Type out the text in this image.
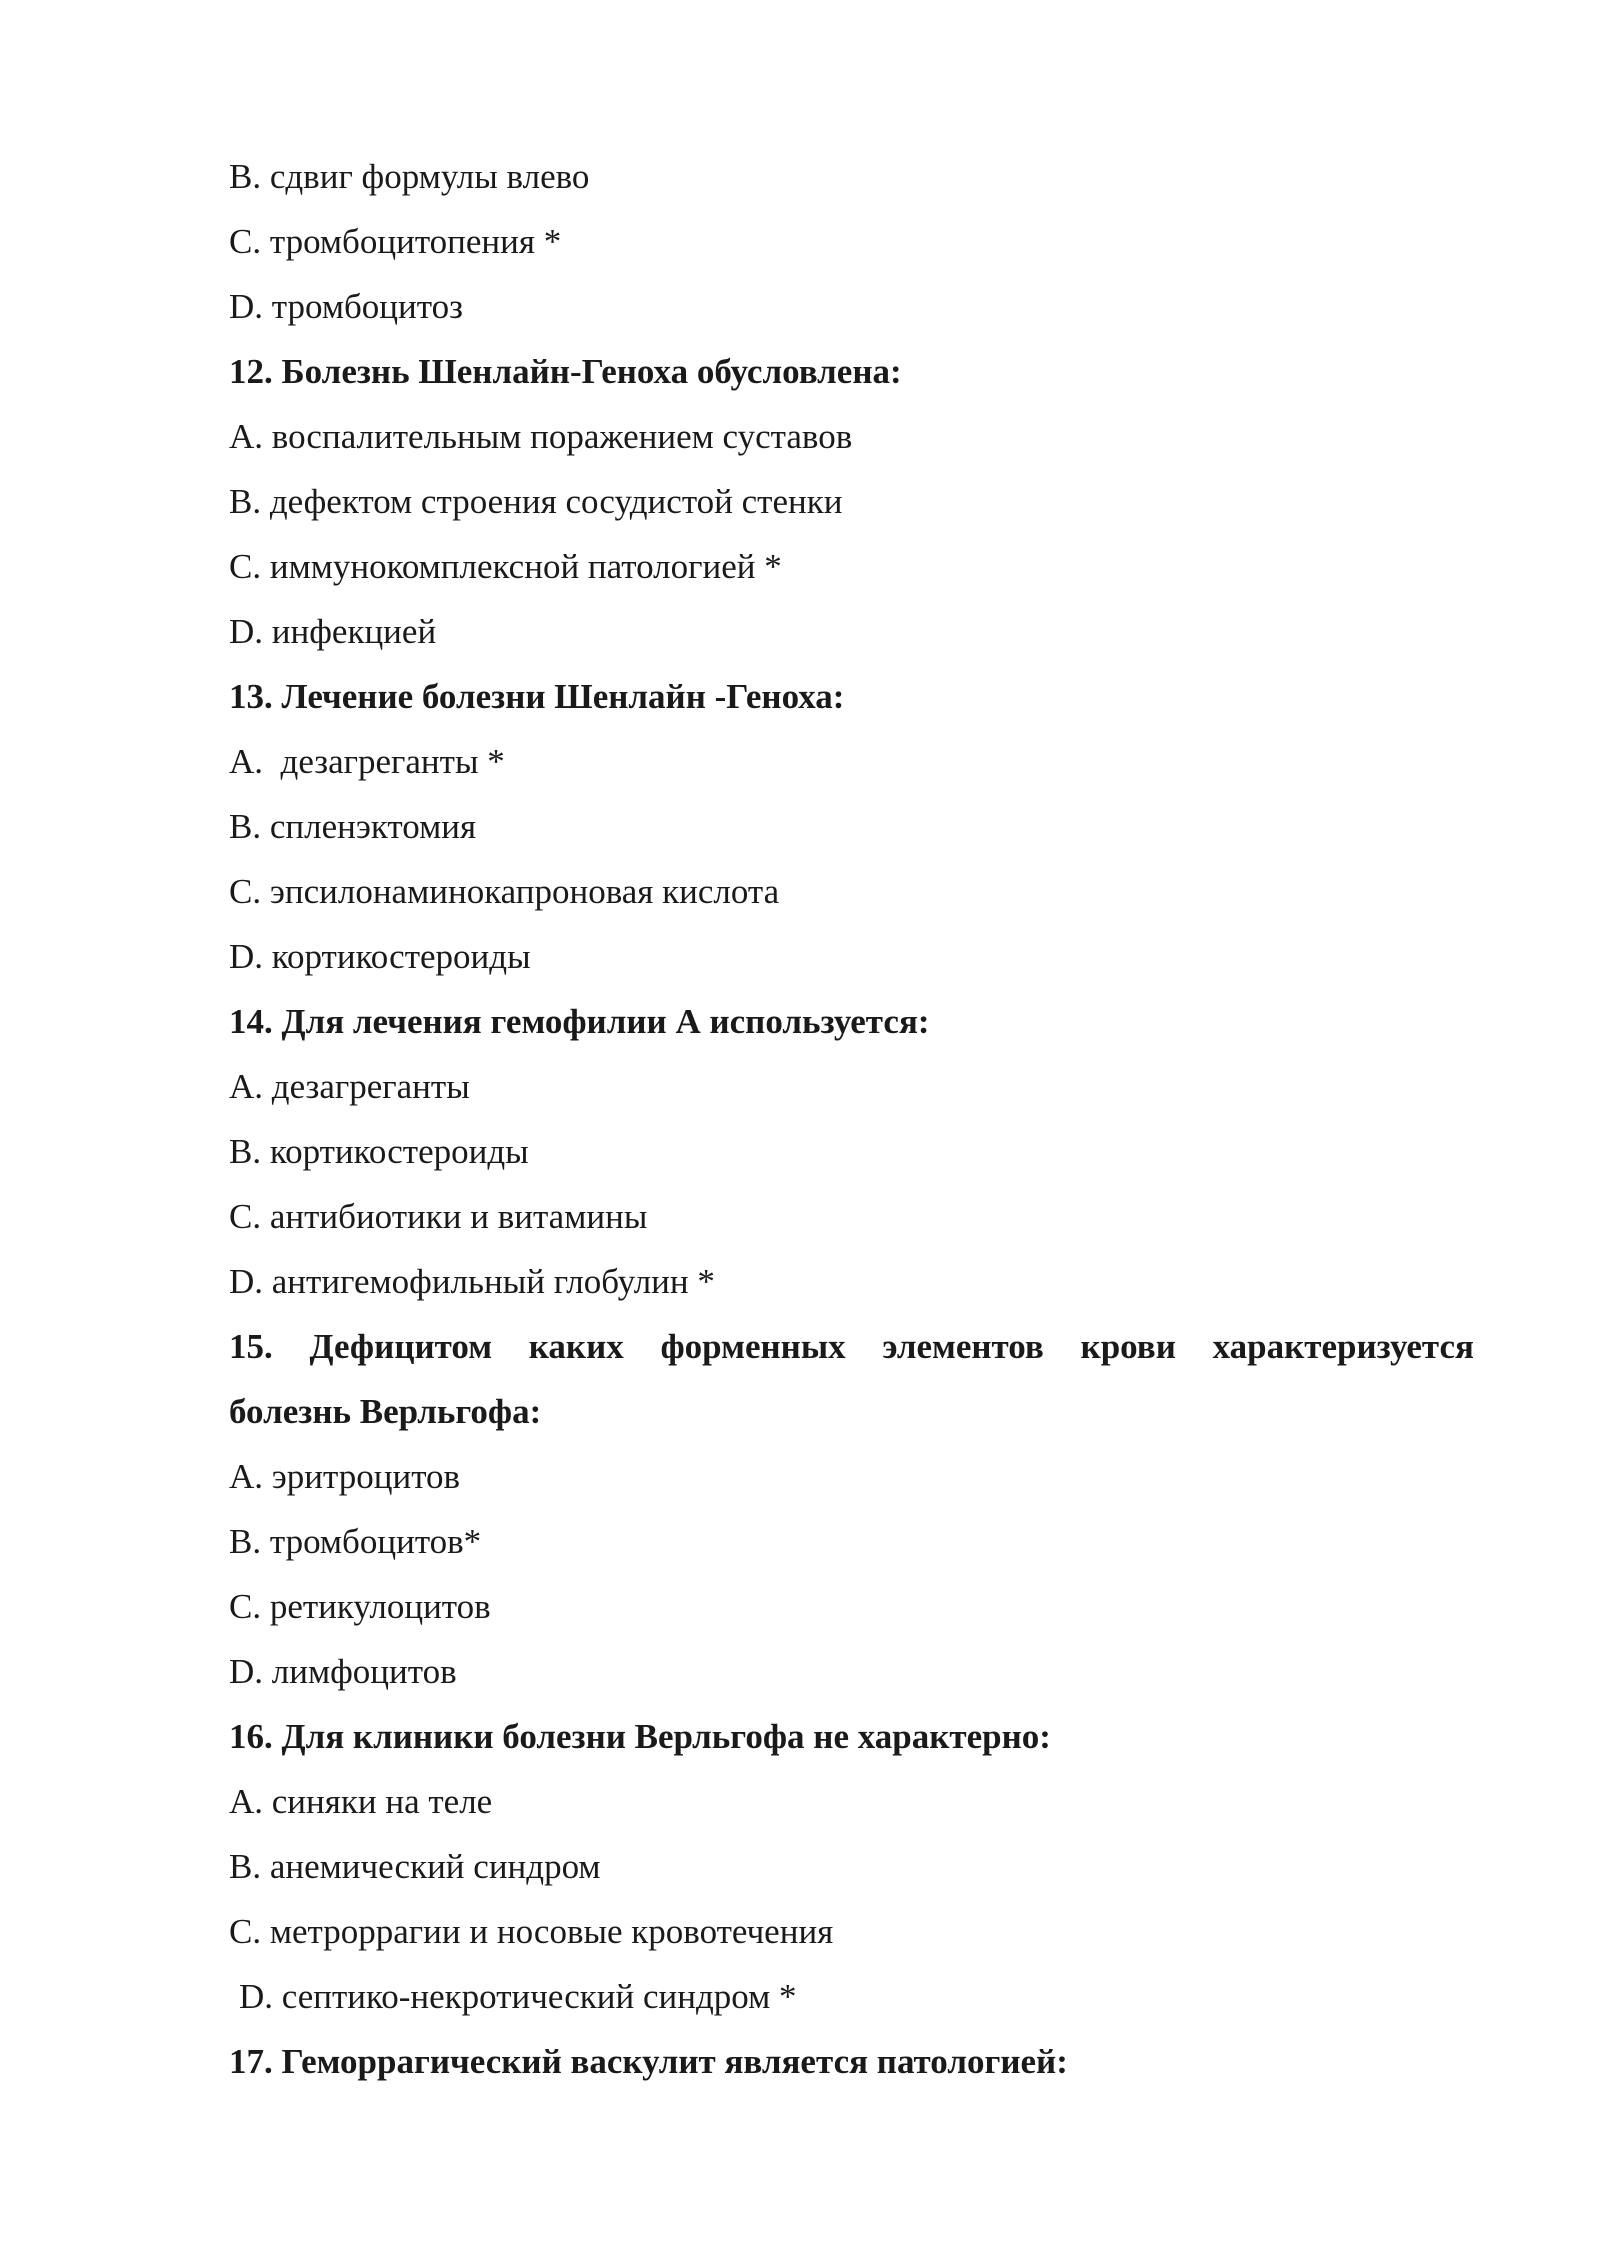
B. сдвиг формулы влево

C. тромбоцитопения *

D. тромбоцитоз

12. Болезнь Шенлайн-Геноха обусловлена:

A. воспалительным поражением суставов

B. дефектом строения сосудистой стенки

C. иммунокомплексной патологией *

D. инфекцией

13. Лечение болезни Шенлайн -Геноха:

A.  дезагреганты *

B. спленэктомия

C. эпсилонаминокапроновая кислота

D. кортикостероиды

14. Для лечения гемофилии А используется:

A. дезагреганты

B. кортикостероиды

C. антибиотики и витамины

D. антигемофильный глобулин *

15. Дефицитом каких форменных элементов крови характеризуется

болезнь Верльгофа:

A. эритроцитов

B. тромбоцитов*

C. ретикулоцитов

D. лимфоцитов

16. Для клиники болезни Верльгофа не характерно:

A. синяки на теле

B. анемический синдром

C. метроррагии и носовые кровотечения

D. септико-некротический синдром *

17. Геморрагический васкулит является патологией:
